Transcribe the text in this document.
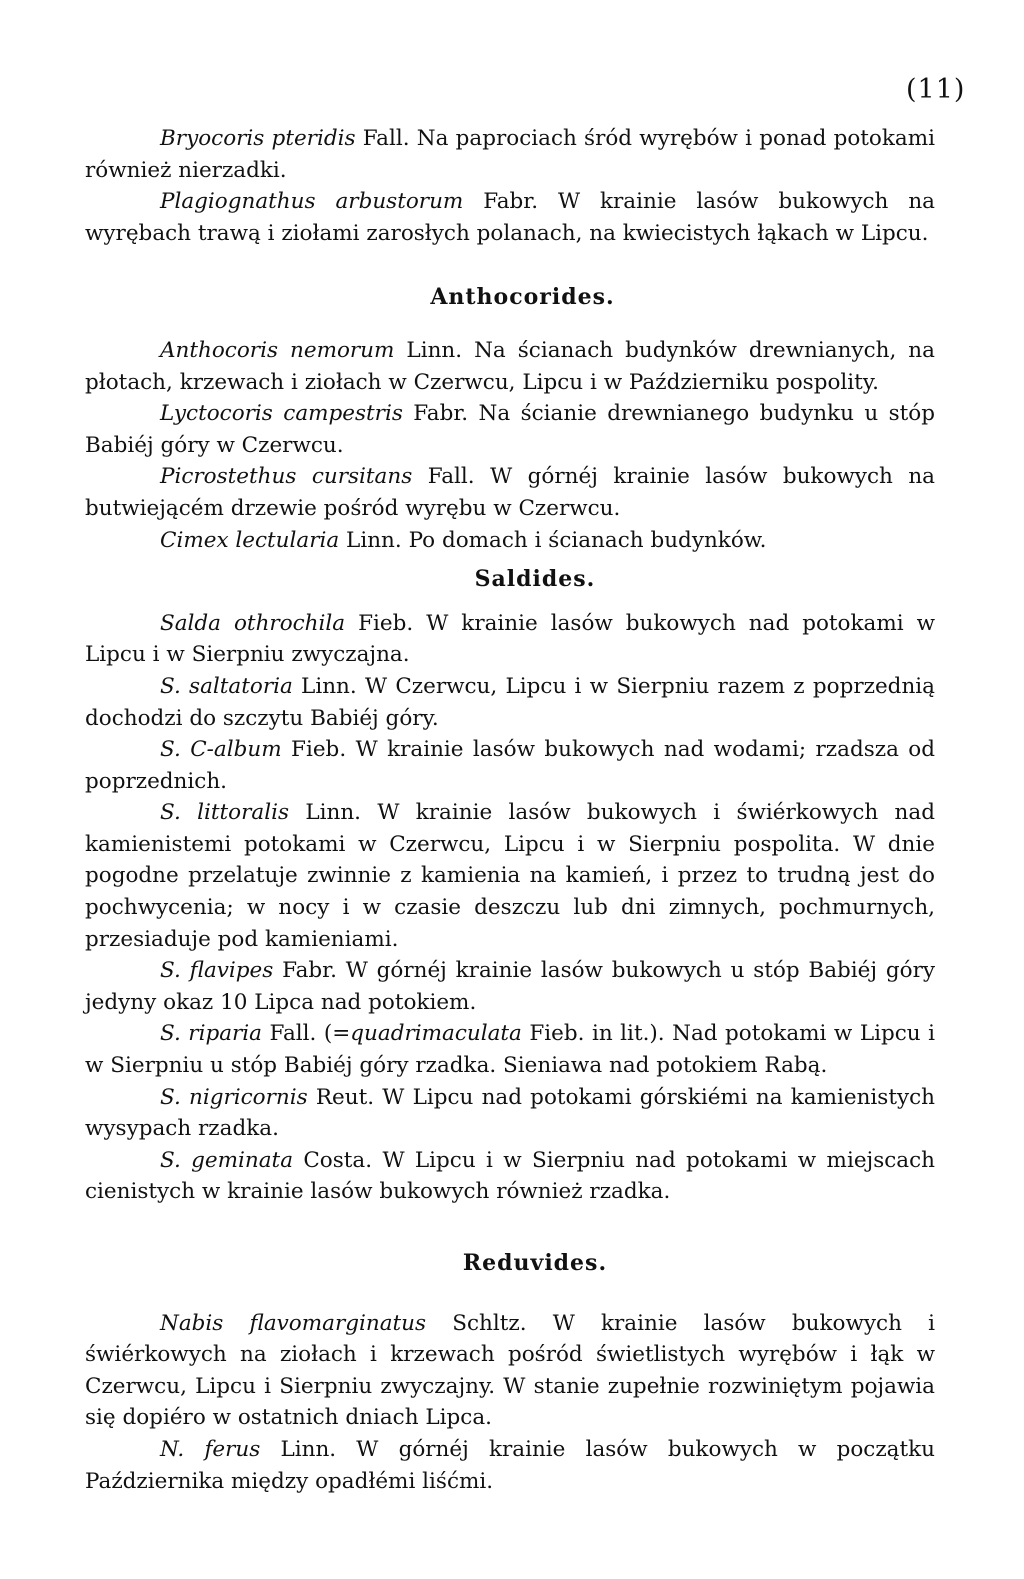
(11)

Bryocoris pteridis Fall. Na paprociach śród wyrębów i ponad potokami również nierzadki.

Plagiognathus arbustorum Fabr. W krainie lasów bukowych na wyrębach trawą i ziołami zarosłych polanach, na kwiecistych łąkach w Lipcu.

Anthocorides.

Anthocoris nemorum Linn. Na ścianach budynków drewnianych, na płotach, krzewach i ziołach w Czerwcu, Lipcu i w Październiku pospolity.

Lyctocoris campestris Fabr. Na ścianie drewnianego budynku u stóp Babiéj góry w Czerwcu.

Picrostethus cursitans Fall. W górnéj krainie lasów bukowych na butwiejącém drzewie pośród wyrębu w Czerwcu.

Cimex lectularia Linn. Po domach i ścianach budynków.

Saldides.

Salda othrochila Fieb. W krainie lasów bukowych nad potokami w Lipcu i w Sierpniu zwyczajna.

S. saltatoria Linn. W Czerwcu, Lipcu i w Sierpniu razem z poprzednią dochodzi do szczytu Babiéj góry.

S. C-album Fieb. W krainie lasów bukowych nad wodami; rzadsza od poprzednich.

S. littoralis Linn. W krainie lasów bukowych i świérkowych nad kamienistemi potokami w Czerwcu, Lipcu i w Sierpniu pospolita. W dnie pogodne przelatuje zwinnie z kamienia na kamień, i przez to trudną jest do pochwycenia; w nocy i w czasie deszczu lub dni zimnych, pochmurnych, przesiaduje pod kamieniami.

S. flavipes Fabr. W górnéj krainie lasów bukowych u stóp Babiéj góry jedyny okaz 10 Lipca nad potokiem.

S. riparia Fall. (=quadrimaculata Fieb. in lit.). Nad potokami w Lipcu i w Sierpniu u stóp Babiéj góry rzadka. Sieniawa nad potokiem Rabą.

S. nigricornis Reut. W Lipcu nad potokami górskiémi na kamienistych wysypach rzadka.

S. geminata Costa. W Lipcu i w Sierpniu nad potokami w miejscach cienistych w krainie lasów bukowych również rzadka.

Reduvides.

Nabis flavomarginatus Schltz. W krainie lasów bukowych i świérkowych na ziołach i krzewach pośród świetlistych wyrębów i łąk w Czerwcu, Lipcu i Sierpniu zwyczajny. W stanie zupełnie rozwiniętym pojawia się dopiéro w ostatnich dniach Lipca.

N. ferus Linn. W górnéj krainie lasów bukowych w początku Października między opadłémi liśćmi.
